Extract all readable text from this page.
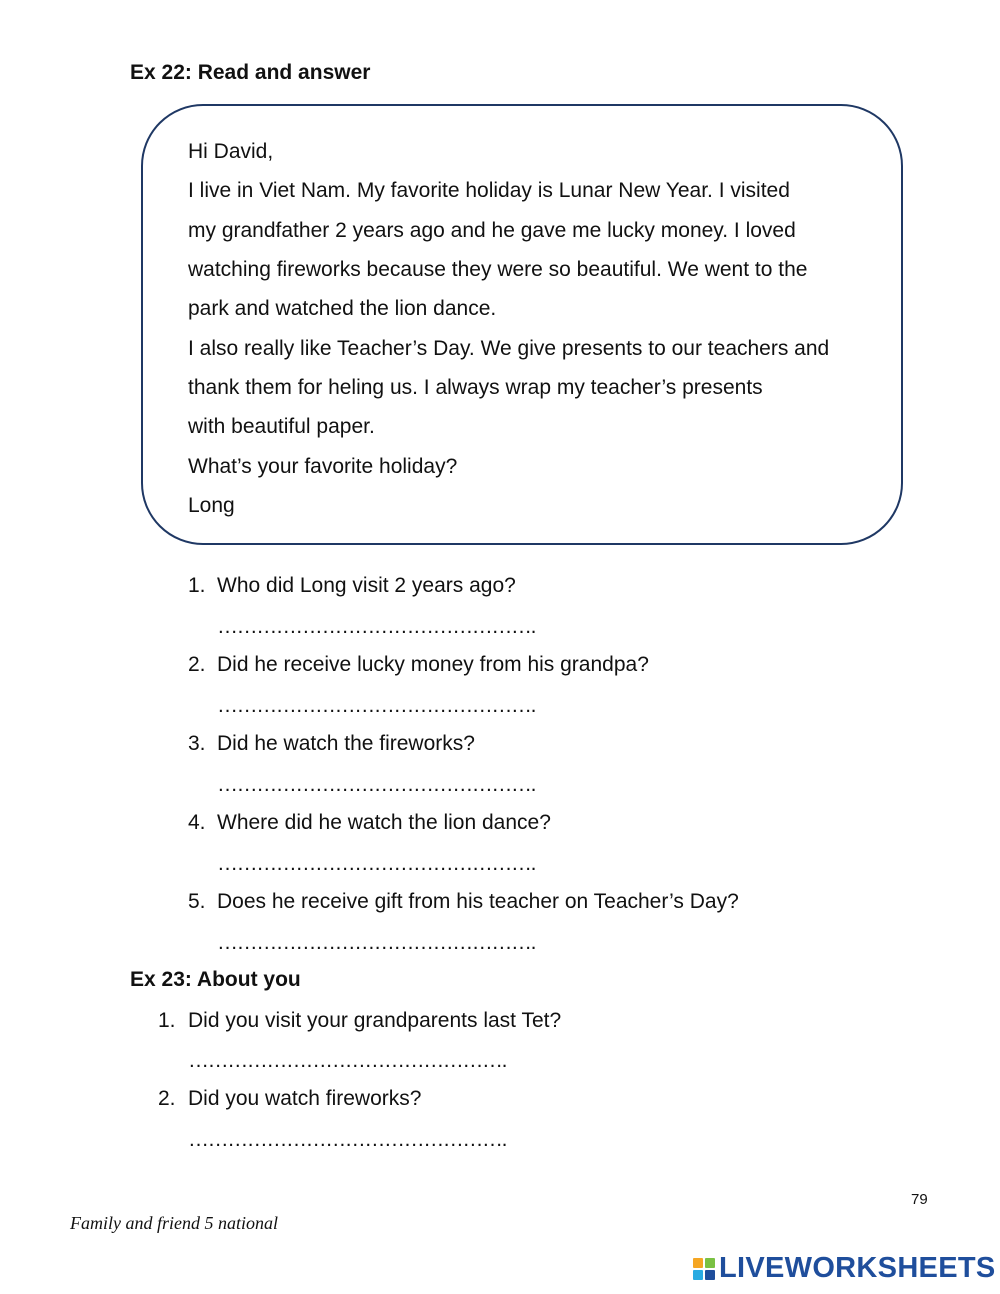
Ex 22: Read and answer
Hi David,
I live in Viet Nam. My favorite holiday is Lunar New Year. I visited
my grandfather 2 years ago and he gave me lucky money. I loved
watching fireworks because they were so beautiful. We went to the
park and watched the lion dance.
I also really like Teacher’s Day. We give presents to our teachers and
thank them for heling us. I always wrap my teacher’s presents
with beautiful paper.
What’s your favorite holiday?
Long
1. Who did Long visit 2 years ago?
………………………………………….
2. Did he receive lucky money from his grandpa?
………………………………………….
3. Did he watch the fireworks?
………………………………………….
4. Where did he watch the lion dance?
………………………………………….
5. Does he receive gift from his teacher on Teacher’s Day?
………………………………………….
Ex 23: About you
1. Did you visit your grandparents last Tet?
………………………………………….
2. Did you watch fireworks?
………………………………………….
79
Family and friend 5 national
LIVEWORKSHEETS
